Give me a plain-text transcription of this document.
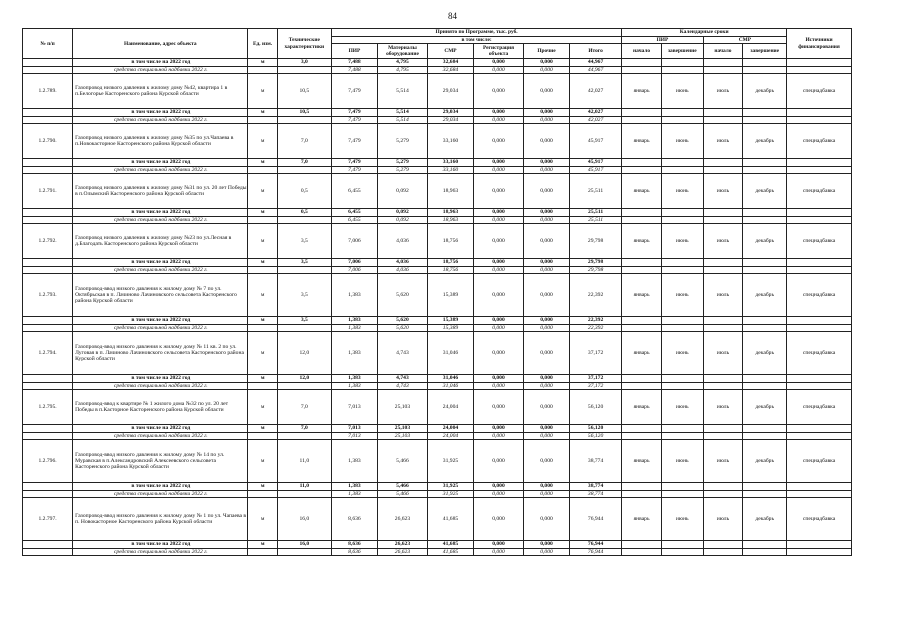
84
№ п/п	Наименование, адрес объекта	Ед. изм.	Технические характеристики	Принято по Программе, тыс. руб.						Календарные сроки				Источники финансирования
				в том числе:						ПИР		СМР		
				ПИР	Материалы оборудование	СМР	Регистрация объекта	Прочие	Итого	начало	завершение	начало	завершение	
	в том числе на 2022 год	м	3,0	7,488	4,795	32,684	0,000	0,000	44,967					
	средства специальной надбавки 2022 г.			7,488	4,795	32,684	0,000	0,000	44,967					
1.2.789.	Газопровод низкого давления к жилому дому №42, квартира 1 в п.Белогорье Касторенского района Курской области	м	10,5	7,479	5,514	29,034	0,000	0,000	42,027	январь	июнь	июль	декабрь	спецнадбавка
	в том числе на 2022 год	м	10,5	7,479	5,514	29,034	0,000	0,000	42,027					
	средства специальной надбавки 2022 г.			7,479	5,514	29,034	0,000	0,000	42,027					
1.2.790.	Газопровод низкого давления к жилому дому №35 по ул.Чапаева в п.Новокасторное Касторенского района Курской области	м	7,0	7,479	5,279	33,160	0,000	0,000	45,917	январь	июнь	июль	декабрь	спецнадбавка
	в том числе на 2022 год	м	7,0	7,479	5,279	33,160	0,000	0,000	45,917					
	средства специальной надбавки 2022 г.			7,479	5,279	33,160	0,000	0,000	45,917					
1.2.791.	Газопровод низкого давления к жилому дому №31 по ул. 20 лет Победы в п.Олымский Касторенского района Курской области	м	0,5	6,455	0,092	18,963	0,000	0,000	25,511	январь	июнь	июль	декабрь	спецнадбавка
	в том числе на 2022 год	м	0,5	6,455	0,092	18,963	0,000	0,000	25,511					
	средства специальной надбавки 2022 г.			6,455	0,092	18,963	0,000	0,000	25,511					
1.2.792.	Газопровод низкого давления к жилому дому №23 по ул.Лесная в д.Благодать Касторенского района Курской области	м	3,5	7,006	4,036	18,756	0,000	0,000	29,798	январь	июнь	июль	декабрь	спецнадбавка
	в том числе на 2022 год	м	3,5	7,006	4,036	18,756	0,000	0,000	29,798					
	средства специальной надбавки 2022 г.			7,006	4,036	18,756	0,000	0,000	29,798					
1.2.793.	Газопровод-ввод низкого давления к жилому дому № 7 по ул. Октябрьская в п. Лачиново Лачиновского сельсовета Касторенского района Курской области	м	3,5	1,383	5,620	15,389	0,000	0,000	22,392	январь	июнь	июль	декабрь	спецнадбавка
	в том числе на 2022 год	м	3,5	1,383	5,620	15,389	0,000	0,000	22,392					
	средства специальной надбавки 2022 г.			1,383	5,620	15,389	0,000	0,000	22,392					
1.2.794.	Газопровод-ввод низкого давления к жилому дому № 11 кв. 2 по ул. Луговая в п. Лачиново Лачиновского сельсовета Касторенского района Курской области	м	12,0	1,383	4,743	31,046	0,000	0,000	37,172	январь	июнь	июль	декабрь	спецнадбавка
	в том числе на 2022 год	м	12,0	1,383	4,743	31,046	0,000	0,000	37,172					
	средства специальной надбавки 2022 г.			1,383	4,743	31,046	0,000	0,000	37,172					
1.2.795.	Газопровод-ввод к квартире № 1 жилого дома №32 по ул. 20 лет Победы в п.Касторное Касторенского района Курской области	м	7,0	7,013	25,103	24,004	0,000	0,000	56,120	январь	июнь	июль	декабрь	спецнадбавка
	в том числе на 2022 год	м	7,0	7,013	25,103	24,004	0,000	0,000	56,120					
	средства специальной надбавки 2022 г.			7,013	25,103	24,004	0,000	0,000	56,120					
1.2.796.	Газопровод-ввод низкого давления к жилому дому № 14 по ул. Муравская в п.Александровский Алексеевского сельсовета Касторенского района Курской области	м	11,0	1,383	5,466	31,925	0,000	0,000	38,774	январь	июнь	июль	декабрь	спецнадбавка
	в том числе на 2022 год	м	11,0	1,383	5,466	31,925	0,000	0,000	38,774					
	средства специальной надбавки 2022 г.			1,383	5,466	31,925	0,000	0,000	38,774					
1.2.797.	Газопровод-ввод низкого давления к жилому дому № 1 по ул. Чапаева в п. Новокасторное Касторенского района Курской области	м	16,0	8,636	26,623	41,685	0,000	0,000	76,944	январь	июнь	июль	декабрь	спецнадбавка
	в том числе на 2022 год	м	16,0	8,636	26,623	41,685	0,000	0,000	76,944					
	средства специальной надбавки 2022 г.			8,636	26,623	41,685	0,000	0,000	76,944					
